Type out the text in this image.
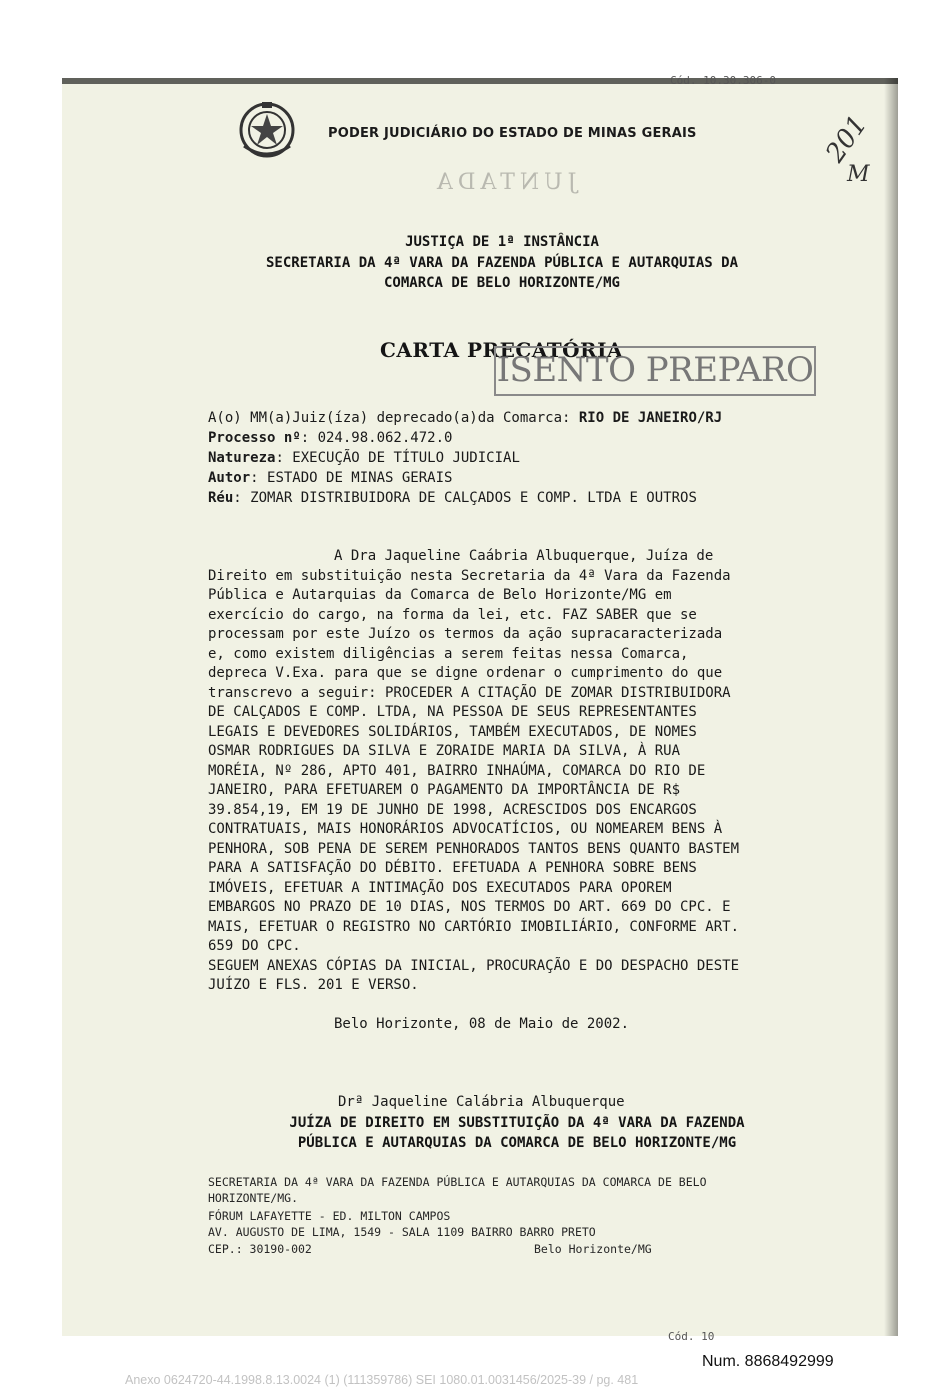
PODER JUDICIÁRIO DO ESTADO DE MINAS GERAIS
Cód. 10.30.306-0
201
M
JUNTADA
JUSTIÇA DE 1ª INSTÂNCIA
SECRETARIA DA 4ª VARA DA FAZENDA PÚBLICA E AUTARQUIAS DA
COMARCA DE BELO HORIZONTE/MG
CARTA PRECATÓRIA
ISENTO PREPARO
A(o) MM(a)Juiz(íza) deprecado(a)da Comarca: RIO DE JANEIRO/RJ
Processo nº: 024.98.062.472.0
Natureza: EXECUÇÃO DE TÍTULO JUDICIAL
Autor: ESTADO DE MINAS GERAIS
Réu: ZOMAR DISTRIBUIDORA DE CALÇADOS E COMP. LTDA E OUTROS
A Dra Jaqueline Caábria Albuquerque, Juíza de
Direito em substituição nesta Secretaria da 4ª Vara da Fazenda
Pública e Autarquias da Comarca de Belo Horizonte/MG em
exercício do cargo, na forma da lei, etc. FAZ SABER que se
processam por este Juízo os termos da ação supracaracterizada
e, como existem diligências a serem feitas nessa Comarca,
depreca V.Exa. para que se digne ordenar o cumprimento do que
transcrevo a seguir: PROCEDER A CITAÇÃO DE ZOMAR DISTRIBUIDORA
DE CALÇADOS E COMP. LTDA, NA PESSOA DE SEUS REPRESENTANTES
LEGAIS E DEVEDORES SOLIDÁRIOS, TAMBÉM EXECUTADOS, DE NOMES
OSMAR RODRIGUES DA SILVA E ZORAIDE MARIA DA SILVA, À RUA
MORÉIA, Nº 286, APTO 401, BAIRRO INHAÚMA, COMARCA DO RIO DE
JANEIRO, PARA EFETUAREM O PAGAMENTO DA IMPORTÂNCIA DE R$
39.854,19, EM 19 DE JUNHO DE 1998, ACRESCIDOS DOS ENCARGOS
CONTRATUAIS, MAIS HONORÁRIOS ADVOCATÍCIOS, OU NOMEAREM BENS À
PENHORA, SOB PENA DE SEREM PENHORADOS TANTOS BENS QUANTO BASTEM
PARA A SATISFAÇÃO DO DÉBITO. EFETUADA A PENHORA SOBRE BENS
IMÓVEIS, EFETUAR A INTIMAÇÃO DOS EXECUTADOS PARA OPOREM
EMBARGOS NO PRAZO DE 10 DIAS, NOS TERMOS DO ART. 669 DO CPC. E
MAIS, EFETUAR O REGISTRO NO CARTÓRIO IMOBILIÁRIO, CONFORME ART.
659 DO CPC.
SEGUEM ANEXAS CÓPIAS DA INICIAL, PROCURAÇÃO E DO DESPACHO DESTE
JUÍZO E FLS. 201 E VERSO.
Belo Horizonte, 08 de Maio de 2002.
Drª Jaqueline Calábria Albuquerque
JUÍZA DE DIREITO EM SUBSTITUIÇÃO DA 4ª VARA DA FAZENDA
PÚBLICA E AUTARQUIAS DA COMARCA DE BELO HORIZONTE/MG
SECRETARIA DA 4ª VARA DA FAZENDA PÚBLICA E AUTARQUIAS DA COMARCA DE BELO
HORIZONTE/MG.
FÓRUM LAFAYETTE - ED. MILTON CAMPOS
AV. AUGUSTO DE LIMA, 1549 - SALA 1109 BAIRRO BARRO PRETO
CEP.: 30190-002	Belo Horizonte/MG
Cód. 10
Num. 8868492999
Anexo 0624720-44.1998.8.13.0024 (1) (111359786) SEI 1080.01.0031456/2025-39 / pg. 481
